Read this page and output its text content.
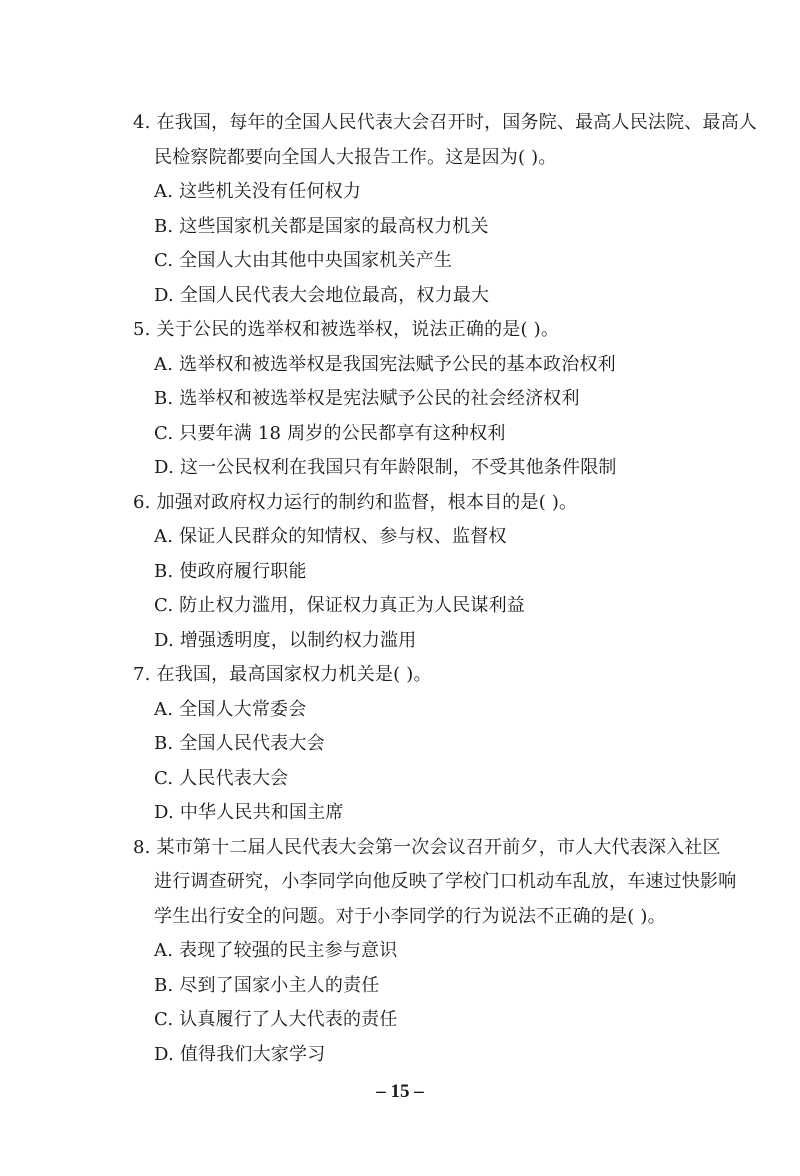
4. 在我国，每年的全国人民代表大会召开时，国务院、最高人民法院、最高人
民检察院都要向全国人大报告工作。这是因为( )。
A. 这些机关没有任何权力
B. 这些国家机关都是国家的最高权力机关
C. 全国人大由其他中央国家机关产生
D. 全国人民代表大会地位最高，权力最大
5. 关于公民的选举权和被选举权，说法正确的是( )。
A. 选举权和被选举权是我国宪法赋予公民的基本政治权利
B. 选举权和被选举权是宪法赋予公民的社会经济权利
C. 只要年满 18 周岁的公民都享有这种权利
D. 这一公民权利在我国只有年龄限制，不受其他条件限制
6. 加强对政府权力运行的制约和监督，根本目的是( )。
A. 保证人民群众的知情权、参与权、监督权
B. 使政府履行职能
C. 防止权力滥用，保证权力真正为人民谋利益
D. 增强透明度，以制约权力滥用
7. 在我国，最高国家权力机关是( )。
A. 全国人大常委会
B. 全国人民代表大会
C. 人民代表大会
D. 中华人民共和国主席
8. 某市第十二届人民代表大会第一次会议召开前夕，市人大代表深入社区
进行调查研究，小李同学向他反映了学校门口机动车乱放，车速过快影响
学生出行安全的问题。对于小李同学的行为说法不正确的是( )。
A. 表现了较强的民主参与意识
B. 尽到了国家小主人的责任
C. 认真履行了人大代表的责任
D. 值得我们大家学习
– 15 –
